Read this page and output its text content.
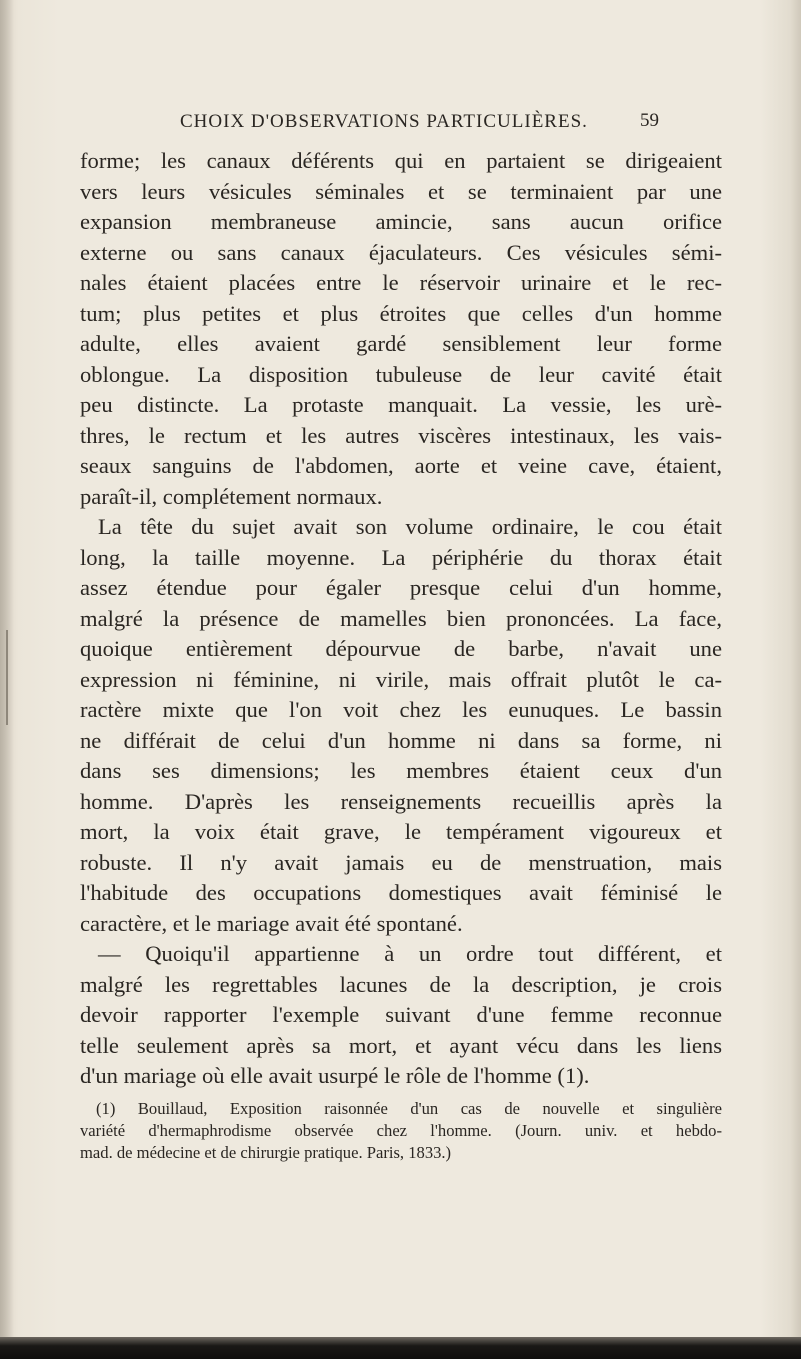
CHOIX D'OBSERVATIONS PARTICULIÈRES.	59
forme; les canaux déférents qui en partaient se dirigeaient
vers leurs vésicules séminales et se terminaient par une
expansion membraneuse amincie, sans aucun orifice
externe ou sans canaux éjaculateurs. Ces vésicules sémi-
nales étaient placées entre le réservoir urinaire et le rec-
tum; plus petites et plus étroites que celles d'un homme
adulte, elles avaient gardé sensiblement leur forme
oblongue. La disposition tubuleuse de leur cavité était
peu distincte. La protaste manquait. La vessie, les urè-
thres, le rectum et les autres viscères intestinaux, les vais-
seaux sanguins de l'abdomen, aorte et veine cave, étaient,
paraît-il, complétement normaux.
La tête du sujet avait son volume ordinaire, le cou était
long, la taille moyenne. La périphérie du thorax était
assez étendue pour égaler presque celui d'un homme,
malgré la présence de mamelles bien prononcées. La face,
quoique entièrement dépourvue de barbe, n'avait une
expression ni féminine, ni virile, mais offrait plutôt le ca-
ractère mixte que l'on voit chez les eunuques. Le bassin
ne différait de celui d'un homme ni dans sa forme, ni
dans ses dimensions; les membres étaient ceux d'un
homme. D'après les renseignements recueillis après la
mort, la voix était grave, le tempérament vigoureux et
robuste. Il n'y avait jamais eu de menstruation, mais
l'habitude des occupations domestiques avait féminisé le
caractère, et le mariage avait été spontané.
— Quoiqu'il appartienne à un ordre tout différent, et
malgré les regrettables lacunes de la description, je crois
devoir rapporter l'exemple suivant d'une femme reconnue
telle seulement après sa mort, et ayant vécu dans les liens
d'un mariage où elle avait usurpé le rôle de l'homme (1).
(1) Bouillaud, Exposition raisonnée d'un cas de nouvelle et singulière
variété d'hermaphrodisme observée chez l'homme. (Journ. univ. et hebdo-
mad. de médecine et de chirurgie pratique. Paris, 1833.)
